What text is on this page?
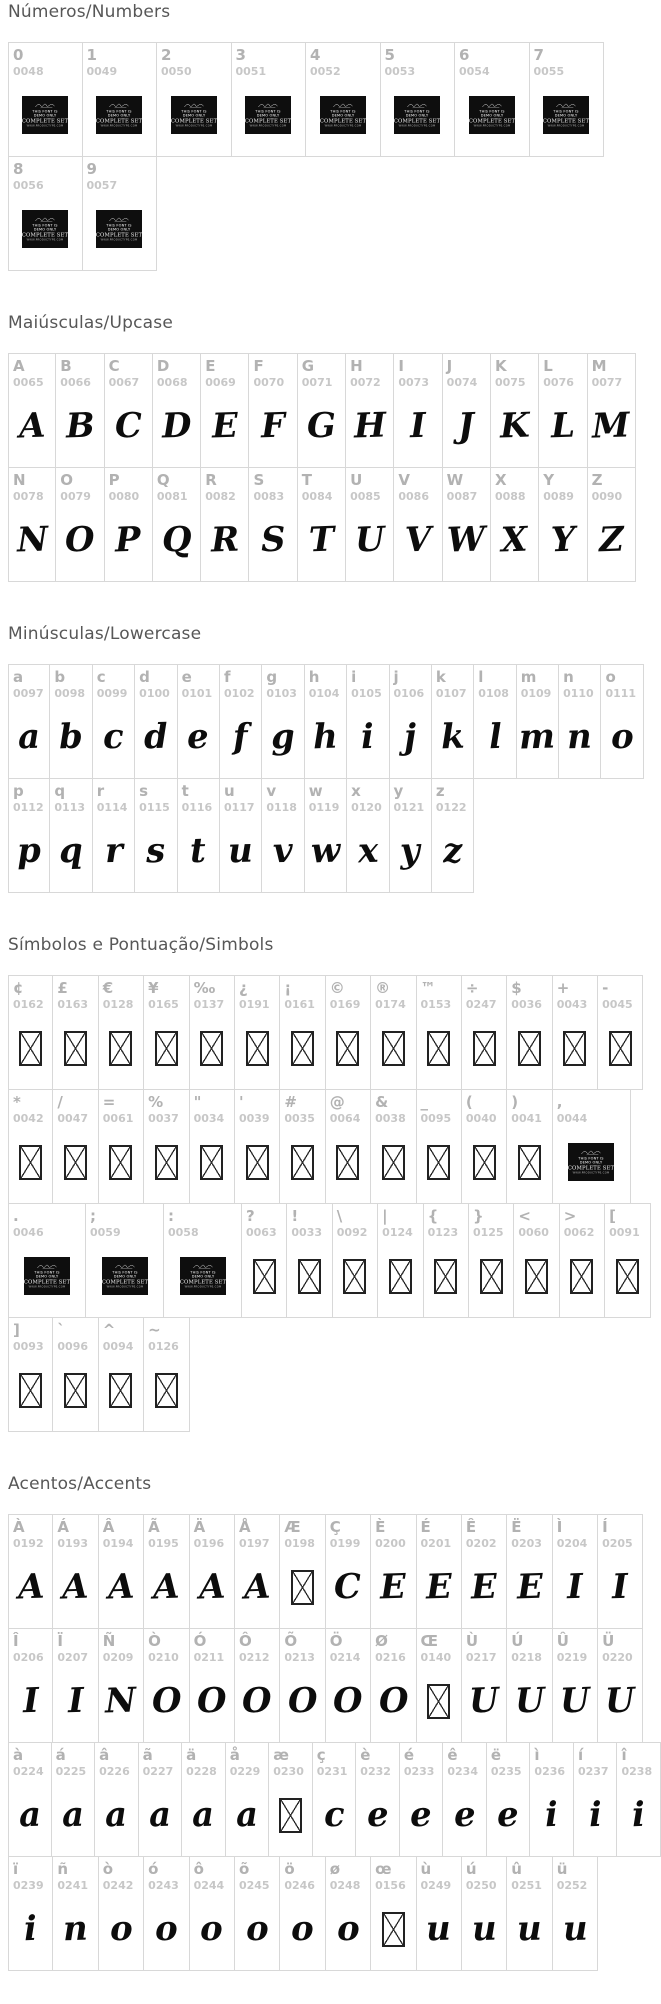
Números/Numbers
0
0048
THIS FONT IS
DEMO ONLY
COMPLETE SET
WWW.PRODUCTYPE.COM
1
0049
THIS FONT IS
DEMO ONLY
COMPLETE SET
WWW.PRODUCTYPE.COM
2
0050
THIS FONT IS
DEMO ONLY
COMPLETE SET
WWW.PRODUCTYPE.COM
3
0051
THIS FONT IS
DEMO ONLY
COMPLETE SET
WWW.PRODUCTYPE.COM
4
0052
THIS FONT IS
DEMO ONLY
COMPLETE SET
WWW.PRODUCTYPE.COM
5
0053
THIS FONT IS
DEMO ONLY
COMPLETE SET
WWW.PRODUCTYPE.COM
6
0054
THIS FONT IS
DEMO ONLY
COMPLETE SET
WWW.PRODUCTYPE.COM
7
0055
THIS FONT IS
DEMO ONLY
COMPLETE SET
WWW.PRODUCTYPE.COM
8
0056
THIS FONT IS
DEMO ONLY
COMPLETE SET
WWW.PRODUCTYPE.COM
9
0057
THIS FONT IS
DEMO ONLY
COMPLETE SET
WWW.PRODUCTYPE.COM
Maiúsculas/Upcase
A
0065
A
B
0066
B
C
0067
C
D
0068
D
E
0069
E
F
0070
F
G
0071
G
H
0072
H
I
0073
I
J
0074
J
K
0075
K
L
0076
L
M
0077
M
N
0078
N
O
0079
O
P
0080
P
Q
0081
Q
R
0082
R
S
0083
S
T
0084
T
U
0085
U
V
0086
V
W
0087
W
X
0088
X
Y
0089
Y
Z
0090
Z
Minúsculas/Lowercase
a
0097
a
b
0098
b
c
0099
c
d
0100
d
e
0101
e
f
0102
f
g
0103
g
h
0104
h
i
0105
i
j
0106
j
k
0107
k
l
0108
l
m
0109
m
n
0110
n
o
0111
o
p
0112
p
q
0113
q
r
0114
r
s
0115
s
t
0116
t
u
0117
u
v
0118
v
w
0119
w
x
0120
x
y
0121
y
z
0122
z
Símbolos e Pontuação/Simbols
¢
0162
£
0163
€
0128
¥
0165
‰
0137
¿
0191
¡
0161
©
0169
®
0174
™
0153
÷
0247
$
0036
+
0043
-
0045
*
0042
/
0047
=
0061
%
0037
"
0034
'
0039
#
0035
@
0064
&
0038
_
0095
(
0040
)
0041
,
0044
THIS FONT IS
DEMO ONLY
COMPLETE SET
WWW.PRODUCTYPE.COM
.
0046
THIS FONT IS
DEMO ONLY
COMPLETE SET
WWW.PRODUCTYPE.COM
;
0059
THIS FONT IS
DEMO ONLY
COMPLETE SET
WWW.PRODUCTYPE.COM
:
0058
THIS FONT IS
DEMO ONLY
COMPLETE SET
WWW.PRODUCTYPE.COM
?
0063
!
0033
\
0092
|
0124
{
0123
}
0125
<
0060
>
0062
[
0091
]
0093
`
0096
^
0094
~
0126
Acentos/Accents
À
0192
A
Á
0193
A
Â
0194
A
Ã
0195
A
Ä
0196
A
Å
0197
A
Æ
0198
Ç
0199
C
È
0200
E
É
0201
E
Ê
0202
E
Ë
0203
E
Ì
0204
I
Í
0205
I
Î
0206
I
Ï
0207
I
Ñ
0209
N
Ò
0210
O
Ó
0211
O
Ô
0212
O
Õ
0213
O
Ö
0214
O
Ø
0216
O
Œ
0140
Ù
0217
U
Ú
0218
U
Û
0219
U
Ü
0220
U
à
0224
a
á
0225
a
â
0226
a
ã
0227
a
ä
0228
a
å
0229
a
æ
0230
ç
0231
c
è
0232
e
é
0233
e
ê
0234
e
ë
0235
e
ì
0236
i
í
0237
i
î
0238
i
ï
0239
i
ñ
0241
n
ò
0242
o
ó
0243
o
ô
0244
o
õ
0245
o
ö
0246
o
ø
0248
o
œ
0156
ù
0249
u
ú
0250
u
û
0251
u
ü
0252
u
